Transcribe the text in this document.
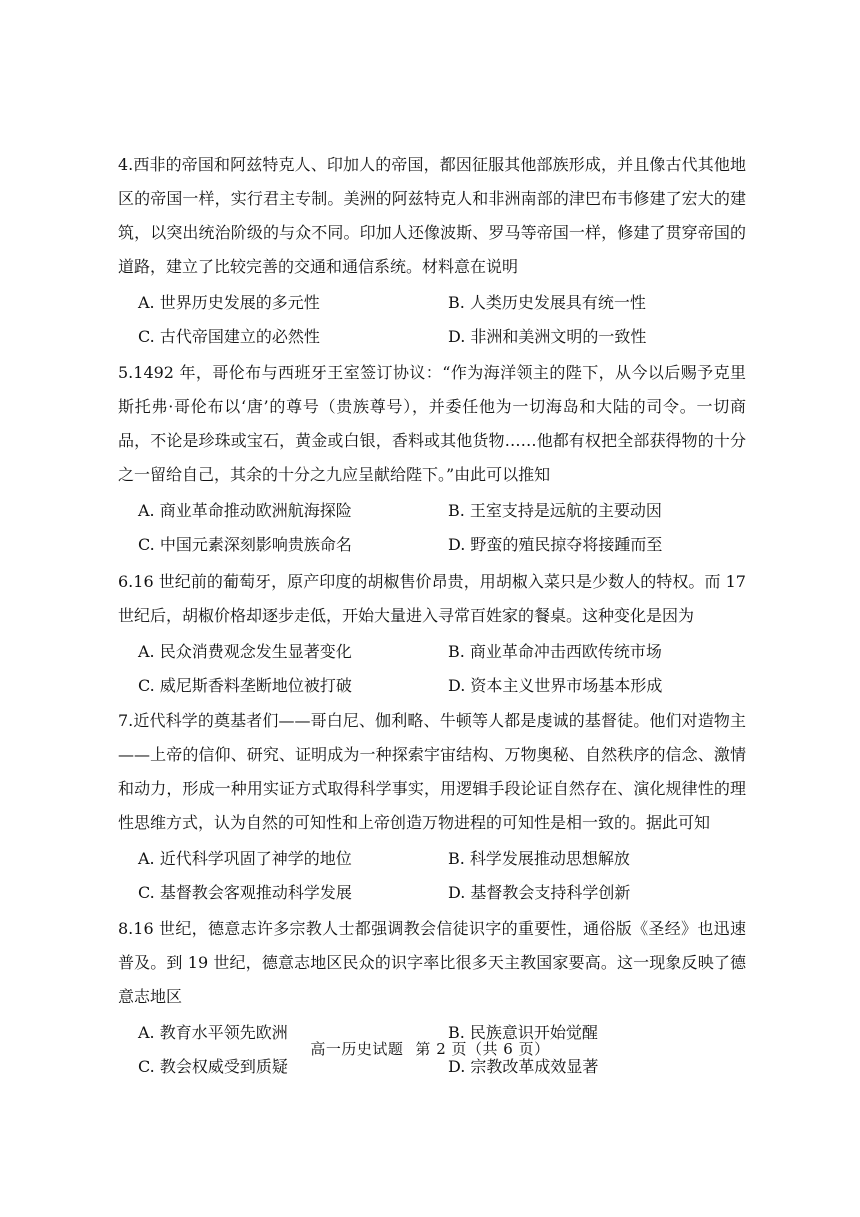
4.西非的帝国和阿兹特克人、印加人的帝国，都因征服其他部族形成，并且像古代其他地区的帝国一样，实行君主专制。美洲的阿兹特克人和非洲南部的津巴布韦修建了宏大的建筑，以突出统治阶级的与众不同。印加人还像波斯、罗马等帝国一样，修建了贯穿帝国的道路，建立了比较完善的交通和通信系统。材料意在说明

A. 世界历史发展的多元性	B. 人类历史发展具有统一性
C. 古代帝国建立的必然性	D. 非洲和美洲文明的一致性

5.1492 年，哥伦布与西班牙王室签订协议：“作为海洋领主的陛下，从今以后赐予克里斯托弗·哥伦布以‘唐’的尊号（贵族尊号），并委任他为一切海岛和大陆的司令。一切商品，不论是珍珠或宝石，黄金或白银，香料或其他货物……他都有权把全部获得物的十分之一留给自己，其余的十分之九应呈献给陛下。”由此可以推知

A. 商业革命推动欧洲航海探险	B. 王室支持是远航的主要动因
C. 中国元素深刻影响贵族命名	D. 野蛮的殖民掠夺将接踵而至

6.16 世纪前的葡萄牙，原产印度的胡椒售价昂贵，用胡椒入菜只是少数人的特权。而 17 世纪后，胡椒价格却逐步走低，开始大量进入寻常百姓家的餐桌。这种变化是因为

A. 民众消费观念发生显著变化	B. 商业革命冲击西欧传统市场
C. 威尼斯香料垄断地位被打破	D. 资本主义世界市场基本形成

7.近代科学的奠基者们——哥白尼、伽利略、牛顿等人都是虔诚的基督徒。他们对造物主——上帝的信仰、研究、证明成为一种探索宇宙结构、万物奥秘、自然秩序的信念、激情和动力，形成一种用实证方式取得科学事实，用逻辑手段论证自然存在、演化规律性的理性思维方式，认为自然的可知性和上帝创造万物进程的可知性是相一致的。据此可知

A. 近代科学巩固了神学的地位	B. 科学发展推动思想解放
C. 基督教会客观推动科学发展	D. 基督教会支持科学创新

8.16 世纪，德意志许多宗教人士都强调教会信徒识字的重要性，通俗版《圣经》也迅速普及。到 19 世纪，德意志地区民众的识字率比很多天主教国家要高。这一现象反映了德意志地区

A. 教育水平领先欧洲	B. 民族意识开始觉醒
C. 教会权威受到质疑	D. 宗教改革成效显著
高一历史试题 第 2 页（共 6 页）
